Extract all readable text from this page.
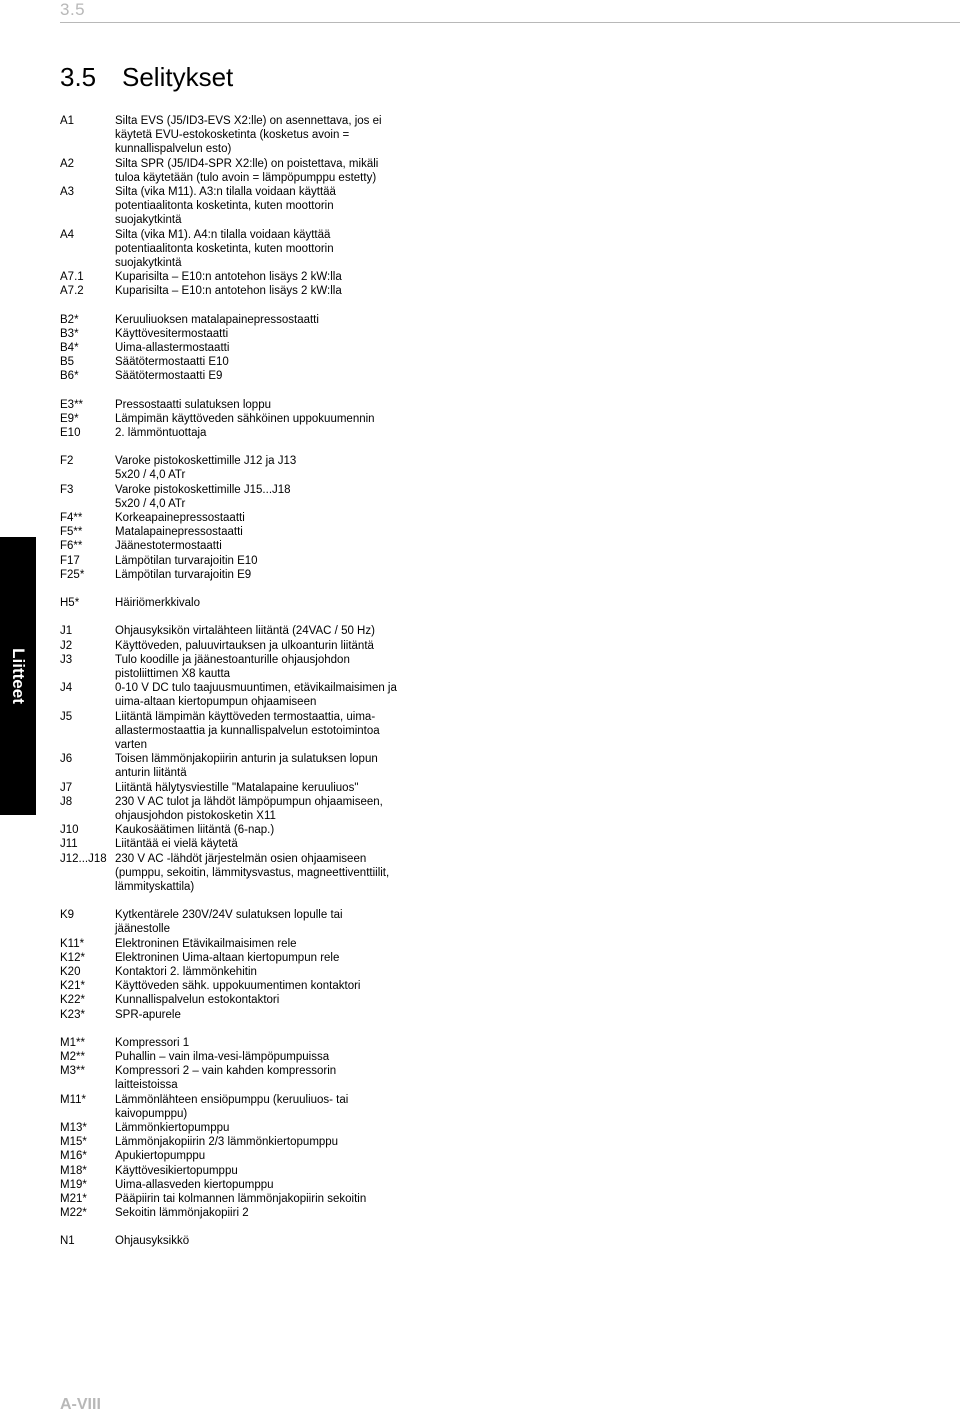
3.5
3.5 Selitykset
A1	Silta EVS (J5/ID3-EVS X2:lle) on asennettava, jos ei käytetä EVU-estokosketinta (kosketus avoin = kunnallispalvelun esto)
A2	Silta SPR (J5/ID4-SPR X2:lle) on poistettava, mikäli tuloa käytetään (tulo avoin = lämpöpumppu estetty)
A3	Silta (vika M11). A3:n tilalla voidaan käyttää potentiaalitonta kosketinta, kuten moottorin suojakytkintä
A4	Silta (vika M1). A4:n tilalla voidaan käyttää potentiaalitonta kosketinta, kuten moottorin suojakytkintä
A7.1	Kuparisilta – E10:n antotehon lisäys 2 kW:lla
A7.2	Kuparisilta – E10:n antotehon lisäys 2 kW:lla
B2*	Keruuliuoksen matalapainepressostaatti
B3*	Käyttövesitermostaatti
B4*	Uima-allastermostaatti
B5	Säätötermostaatti E10
B6*	Säätötermostaatti E9
E3**	Pressostaatti sulatuksen loppu
E9*	Lämpimän käyttöveden sähköinen uppokuumennin
E10	2. lämmöntuottaja
F2	Varoke pistokoskettimille J12 ja J13
5x20 / 4,0 ATr
F3	Varoke pistokoskettimille J15...J18
5x20 / 4,0 ATr
F4**	Korkeapainepressostaatti
F5**	Matalapainepressostaatti
F6**	Jäänestotermostaatti
F17	Lämpötilan turvarajoitin E10
F25*	Lämpötilan turvarajoitin E9
H5*	Häiriömerkkivalo
J1	Ohjausyksikön virtalähteen liitäntä (24VAC / 50 Hz)
J2	Käyttöveden, paluuvirtauksen ja ulkoanturin liitäntä
J3	Tulo koodille ja jäänestoanturille ohjausjohdon pistoliittimen X8 kautta
J4	0-10 V DC tulo taajuusmuuntimen, etävikailmaisimen ja uima-altaan kiertopumpun ohjaamiseen
J5	Liitäntä lämpimän käyttöveden termostaattia, uima-allastermostaattia ja kunnallispalvelun estotoimintoa varten
J6	Toisen lämmönjakopiirin anturin ja sulatuksen lopun anturin liitäntä
J7	Liitäntä hälytysviestille "Matalapaine keruuliuos"
J8	230 V AC tulot ja lähdöt lämpöpumpun ohjaamiseen, ohjausjohdon pistokosketin X11
J10	Kaukosäätimen liitäntä (6-nap.)
J11	Liitäntää ei vielä käytetä
J12...J18 230 V AC -lähdöt järjestelmän osien ohjaamiseen (pumppu, sekoitin, lämmitysvastus, magneettiventtiilit, lämmityskattila)
K9	Kytkentärele 230V/24V sulatuksen lopulle tai jäänestolle
K11*	Elektroninen Etävikailmaisimen rele
K12*	Elektroninen Uima-altaan kiertopumpun rele
K20	Kontaktori 2. lämmönkehitin
K21*	Käyttöveden sähk. uppokuumentimen kontaktori
K22*	Kunnallispalvelun estokontaktori
K23*	SPR-apurele
M1**	Kompressori 1
M2**	Puhallin – vain ilma-vesi-lämpöpumpuissa
M3**	Kompressori 2 – vain kahden kompressorin laitteistoissa
M11*	Lämmönlähteen ensiöpumppu (keruuliuos- tai kaivopumppu)
M13*	Lämmönkiertopumppu
M15*	Lämmönjakopiirin 2/3 lämmönkiertopumppu
M16*	Apukiertopumppu
M18*	Käyttövesikiertopumppu
M19*	Uima-allasveden kiertopumppu
M21*	Pääpiirin tai kolmannen lämmönjakopiirin sekoitin
M22*	Sekoitin lämmönjakopiiri 2
N1	Ohjausyksikkö
Liitteet
A-VIII
